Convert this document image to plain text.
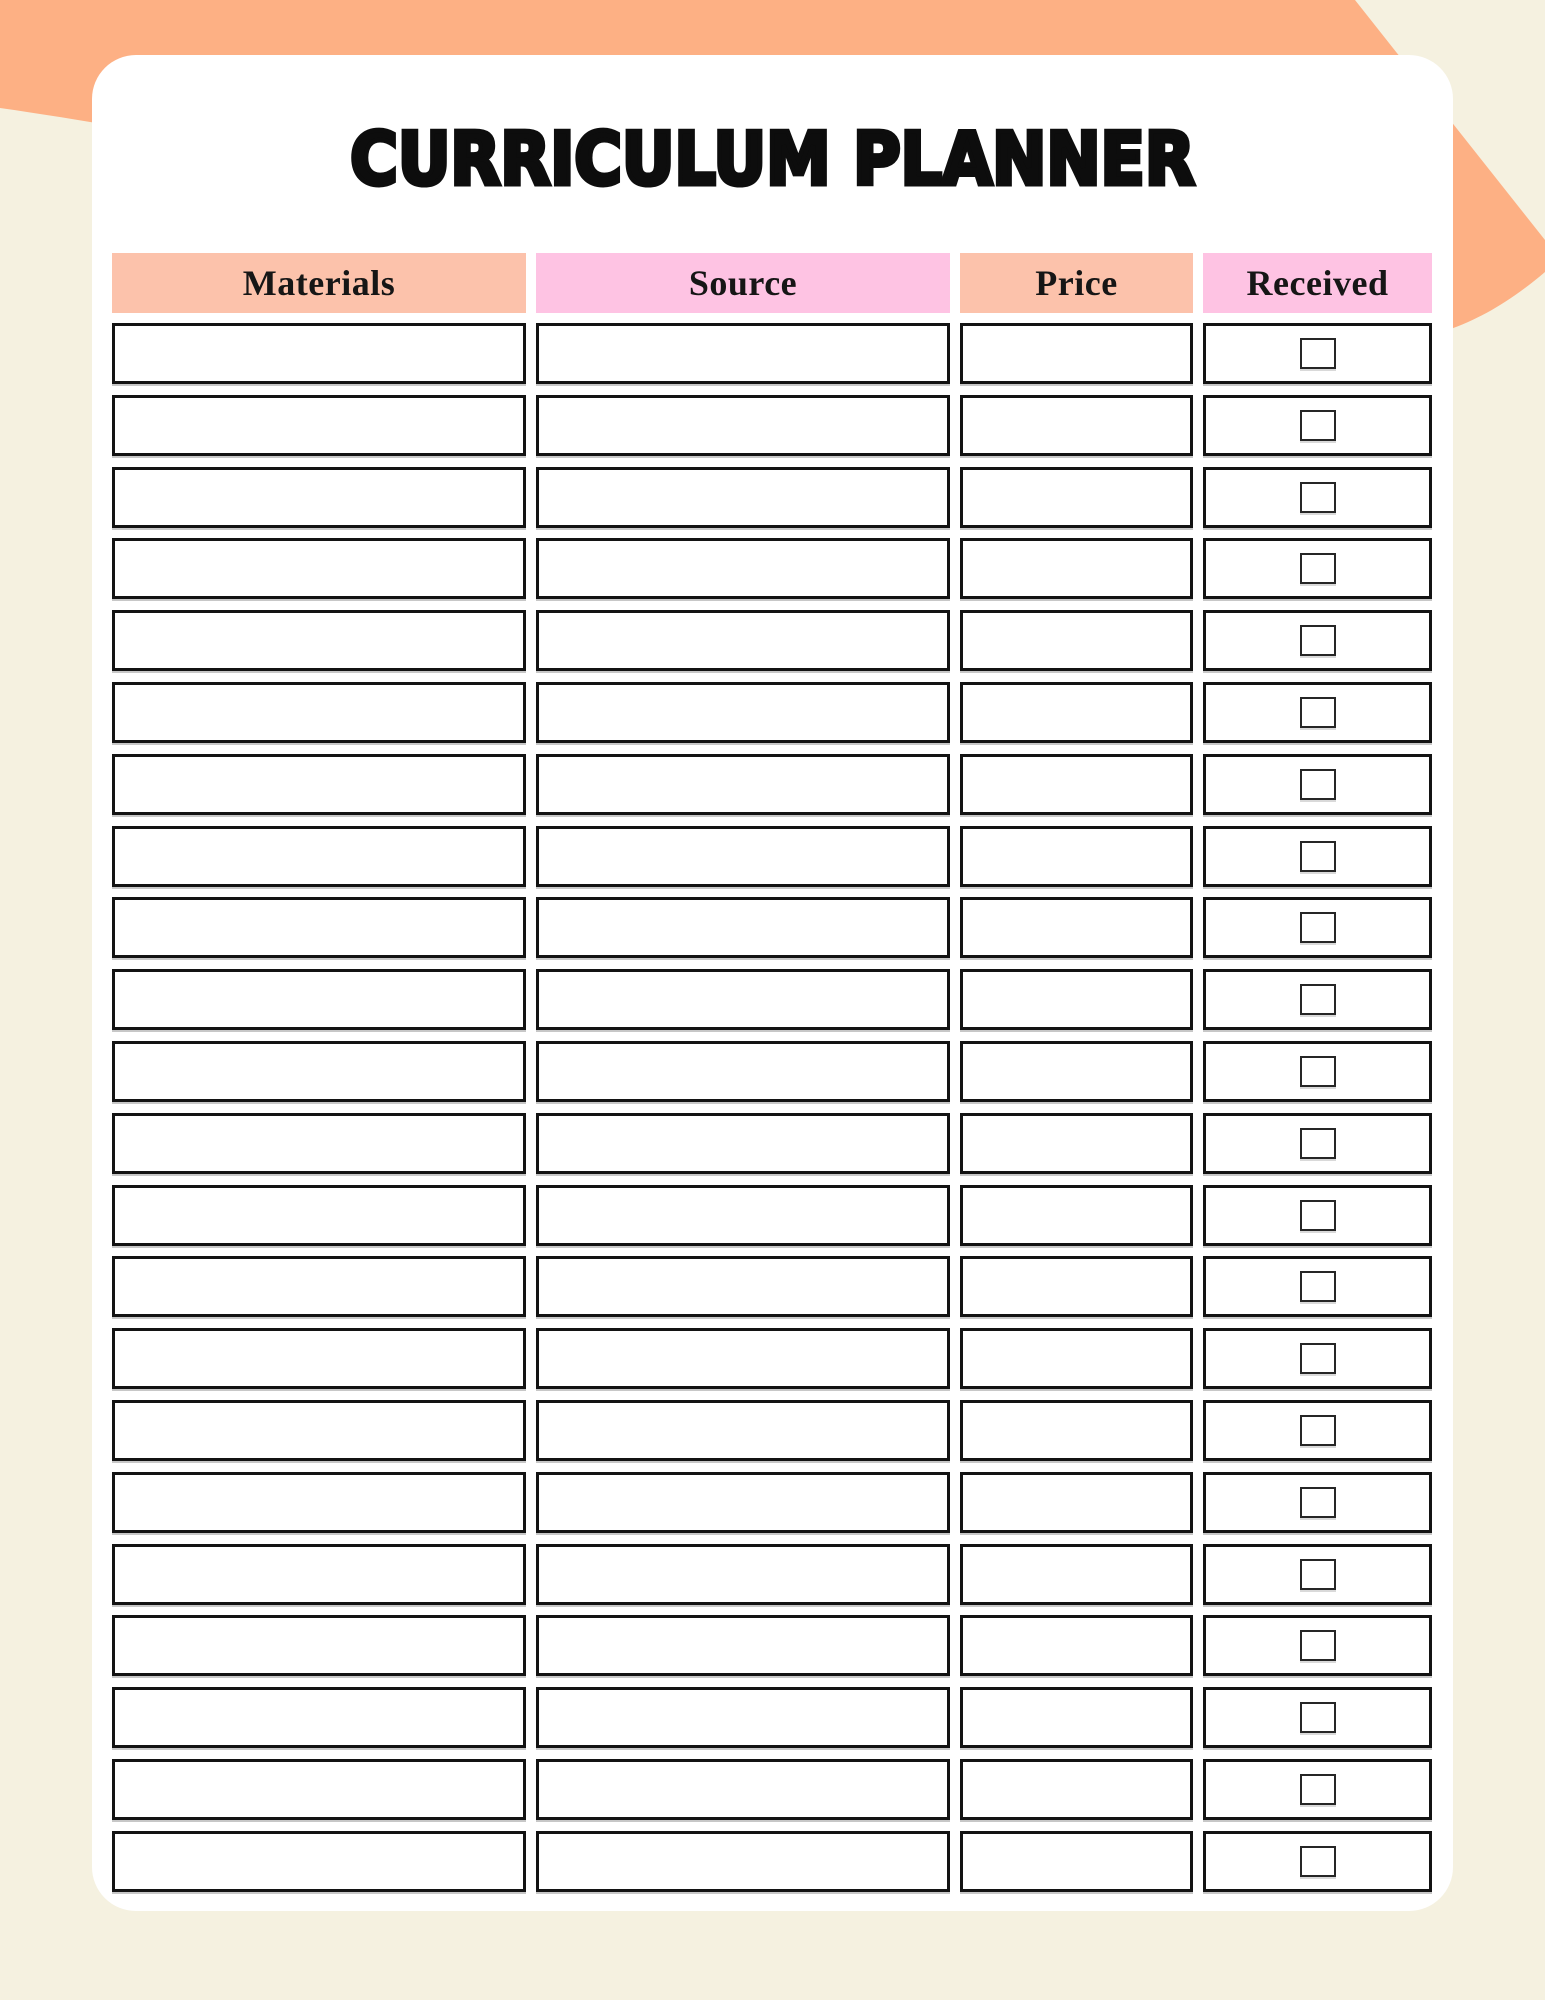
CURRICULUM PLANNER
Materials	Source	Price	Received
